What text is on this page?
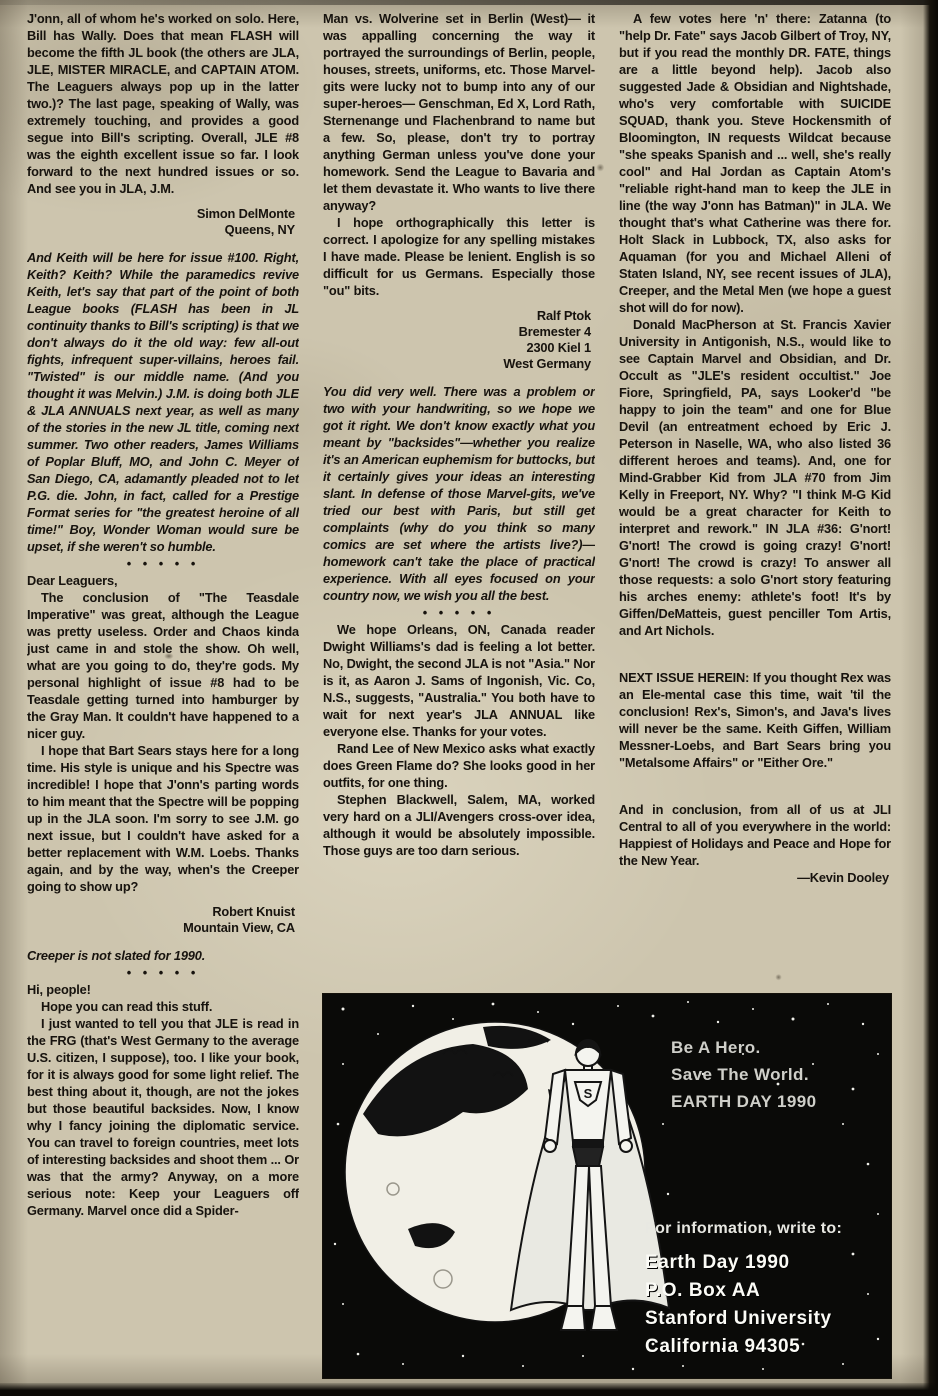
J'onn, all of whom he's worked on solo. Here, Bill has Wally. Does that mean FLASH will become the fifth JL book (the others are JLA, JLE, MISTER MIRACLE, and CAPTAIN ATOM. The Leaguers always pop up in the latter two.)? The last page, speaking of Wally, was extremely touching, and provides a good segue into Bill's scripting. Overall, JLE #8 was the eighth excellent issue so far. I look forward to the next hundred issues or so. And see you in JLA, J.M.

Simon DelMonte
Queens, NY

And Keith will be here for issue #100. Right, Keith? Keith? While the paramedics revive Keith, let's say that part of the point of both League books (FLASH has been in JL continuity thanks to Bill's scripting) is that we don't always do it the old way: few all-out fights, infrequent super-villains, heroes fail. "Twisted" is our middle name. (And you thought it was Melvin.) J.M. is doing both JLE & JLA ANNUALS next year, as well as many of the stories in the new JL title, coming next summer. Two other readers, James Williams of Poplar Bluff, MO, and John C. Meyer of San Diego, CA, adamantly pleaded not to let P.G. die. John, in fact, called for a Prestige Format series for "the greatest heroine of all time!" Boy, Wonder Woman would sure be upset, if she weren't so humble.

• • • • •

Dear Leaguers,

The conclusion of "The Teasdale Imperative" was great, although the League was pretty useless. Order and Chaos kinda just came in and stole the show. Oh well, what are you going to do, they're gods. My personal highlight of issue #8 had to be Teasdale getting turned into hamburger by the Gray Man. It couldn't have happened to a nicer guy.

I hope that Bart Sears stays here for a long time. His style is unique and his Spectre was incredible! I hope that J'onn's parting words to him meant that the Spectre will be popping up in the JLA soon. I'm sorry to see J.M. go next issue, but I couldn't have asked for a better replacement with W.M. Loebs. Thanks again, and by the way, when's the Creeper going to show up?

Robert Knuist
Mountain View, CA

Creeper is not slated for 1990.

• • • • •

Hi, people!

Hope you can read this stuff.

I just wanted to tell you that JLE is read in the FRG (that's West Germany to the average U.S. citizen, I suppose), too. I like your book, for it is always good for some light relief. The best thing about it, though, are not the jokes but those beautiful backsides. Now, I know why I fancy joining the diplomatic service. You can travel to foreign countries, meet lots of interesting backsides and shoot them ... Or was that the army? Anyway, on a more serious note: Keep your Leaguers off Germany. Marvel once did a Spider-

Man vs. Wolverine set in Berlin (West)— it was appalling concerning the way it portrayed the surroundings of Berlin, people, houses, streets, uniforms, etc. Those Marvel-gits were lucky not to bump into any of our super-heroes— Genschman, Ed X, Lord Rath, Sternenange und Flachenbrand to name but a few. So, please, don't try to portray anything German unless you've done your homework. Send the League to Bavaria and let them devastate it. Who wants to live there anyway?

I hope orthographically this letter is correct. I apologize for any spelling mistakes I have made. Please be lenient. English is so difficult for us Germans. Especially those "ou" bits.

Ralf Ptok
Bremester 4
2300 Kiel 1
West Germany

You did very well. There was a problem or two with your handwriting, so we hope we got it right. We don't know exactly what you meant by "backsides"—whether you realize it's an American euphemism for buttocks, but it certainly gives your ideas an interesting slant. In defense of those Marvel-gits, we've tried our best with Paris, but still get complaints (why do you think so many comics are set where the artists live?)—homework can't take the place of practical experience. With all eyes focused on your country now, we wish you all the best.

• • • • •

We hope Orleans, ON, Canada reader Dwight Williams's dad is feeling a lot better. No, Dwight, the second JLA is not "Asia." Nor is it, as Aaron J. Sams of Ingonish, Vic. Co, N.S., suggests, "Australia." You both have to wait for next year's JLA ANNUAL like everyone else. Thanks for your votes.

Rand Lee of New Mexico asks what exactly does Green Flame do? She looks good in her outfits, for one thing.

Stephen Blackwell, Salem, MA, worked very hard on a JLI/Avengers cross-over idea, although it would be absolutely impossible. Those guys are too darn serious.

A few votes here 'n' there: Zatanna (to "help Dr. Fate" says Jacob Gilbert of Troy, NY, but if you read the monthly DR. FATE, things are a little beyond help). Jacob also suggested Jade & Obsidian and Nightshade, who's very comfortable with SUICIDE SQUAD, thank you. Steve Hockensmith of Bloomington, IN requests Wildcat because "she speaks Spanish and ... well, she's really cool" and Hal Jordan as Captain Atom's "reliable right-hand man to keep the JLE in line (the way J'onn has Batman)" in JLA. We thought that's what Catherine was there for. Holt Slack in Lubbock, TX, also asks for Aquaman (for you and Michael Alleni of Staten Island, NY, see recent issues of JLA), Creeper, and the Metal Men (we hope a guest shot will do for now).

Donald MacPherson at St. Francis Xavier University in Antigonish, N.S., would like to see Captain Marvel and Obsidian, and Dr. Occult as "JLE's resident occultist." Joe Fiore, Springfield, PA, says Looker'd "be happy to join the team" and one for Blue Devil (an entreatment echoed by Eric J. Peterson in Naselle, WA, who also listed 36 different heroes and teams). And, one for Mind-Grabber Kid from JLA #70 from Jim Kelly in Freeport, NY. Why? "I think M-G Kid would be a great character for Keith to interpret and rework." IN JLA #36: G'nort! G'nort! The crowd is going crazy! G'nort! G'nort! The crowd is crazy! To answer all those requests: a solo G'nort story featuring his arches enemy: athlete's foot! It's by Giffen/DeMatteis, guest penciller Tom Artis, and Art Nichols.

NEXT ISSUE HEREIN: If you thought Rex was an Ele-mental case this time, wait 'til the conclusion! Rex's, Simon's, and Java's lives will never be the same. Keith Giffen, William Messner-Loebs, and Bart Sears bring you "Metalsome Affairs" or "Either Ore."

And in conclusion, from all of us at JLI Central to all of you everywhere in the world: Happiest of Holidays and Peace and Hope for the New Year.

—Kevin Dooley

S
Be A Hero.
Save The World.
EARTH DAY 1990
For information, write to:
Earth Day 1990
P.O. Box AA
Stanford University
California 94305
